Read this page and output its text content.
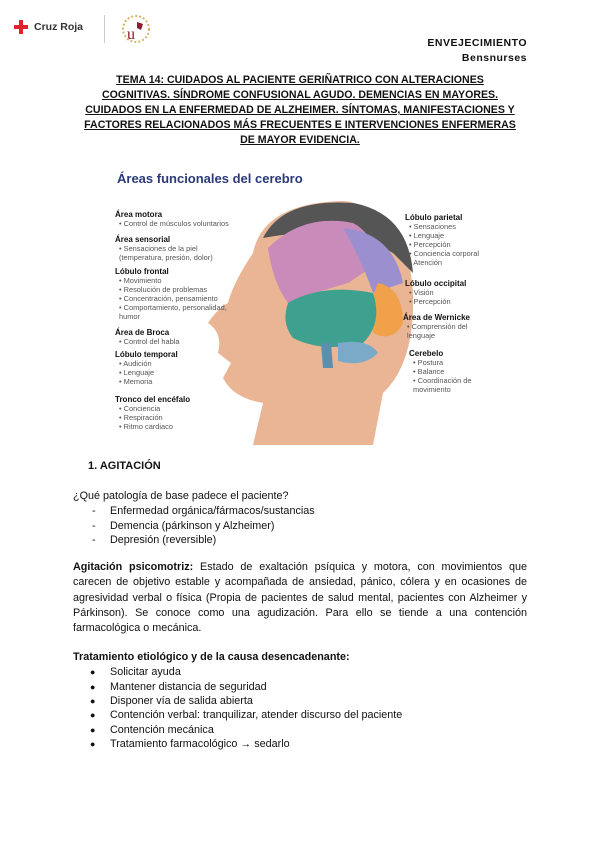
Cruz Roja	u	ENVEJECIMIENTO
Bensnurses
TEMA 14: CUIDADOS AL PACIENTE GERIÑATRICO CON ALTERACIONES
COGNITIVAS. SÍNDROME CONFUSIONAL AGUDO. DEMENCIAS EN MAYORES.
CUIDADOS EN LA ENFERMEDAD DE ALZHEIMER. SÍNTOMAS, MANIFESTACIONES Y
FACTORES RELACIONADOS MÁS FRECUENTES E INTERVENCIONES ENFERMERAS
DE MAYOR EVIDENCIA.
Áreas funcionales del cerebro
Área motora
• Control de músculos voluntarios
Área sensorial
• Sensaciones de la piel (temperatura, presión, dolor)
Lóbulo frontal
• Movimiento
• Resolución de problemas
• Concentración, pensamiento
• Comportamiento, personalidad, humor
Área de Broca
• Control del habla
Lóbulo temporal
• Audición
• Lenguaje
• Memoria
Tronco del encéfalo
• Conciencia
• Respiración
• Ritmo cardiaco
Lóbulo parietal
• Sensaciones
• Lenguaje
• Percepción
• Conciencia corporal
• Atención
Lóbulo occipital
• Visión
• Percepción
Área de Wernicke
• Comprensión del lenguaje
Cerebelo
• Postura
• Balance
• Coordinación de movimiento
1. AGITACIÓN
¿Qué patología de base padece el paciente?
- Enfermedad orgánica/fármacos/sustancias
- Demencia (párkinson y Alzheimer)
- Depresión (reversible)
Agitación psicomotriz: Estado de exaltación psíquica y motora, con movimientos que carecen de objetivo estable y acompañada de ansiedad, pánico, cólera y en ocasiones de agresividad verbal o física (Propia de pacientes de salud mental, pacientes con Alzheimer y Párkinson). Se conoce como una agudización. Para ello se tiende a una contención farmacológica o mecánica.
Tratamiento etiológico y de la causa desencadenante:
● Solicitar ayuda
● Mantener distancia de seguridad
● Disponer vía de salida abierta
● Contención verbal: tranquilizar, atender discurso del paciente
● Contención mecánica
● Tratamiento farmacológico → sedarlo
